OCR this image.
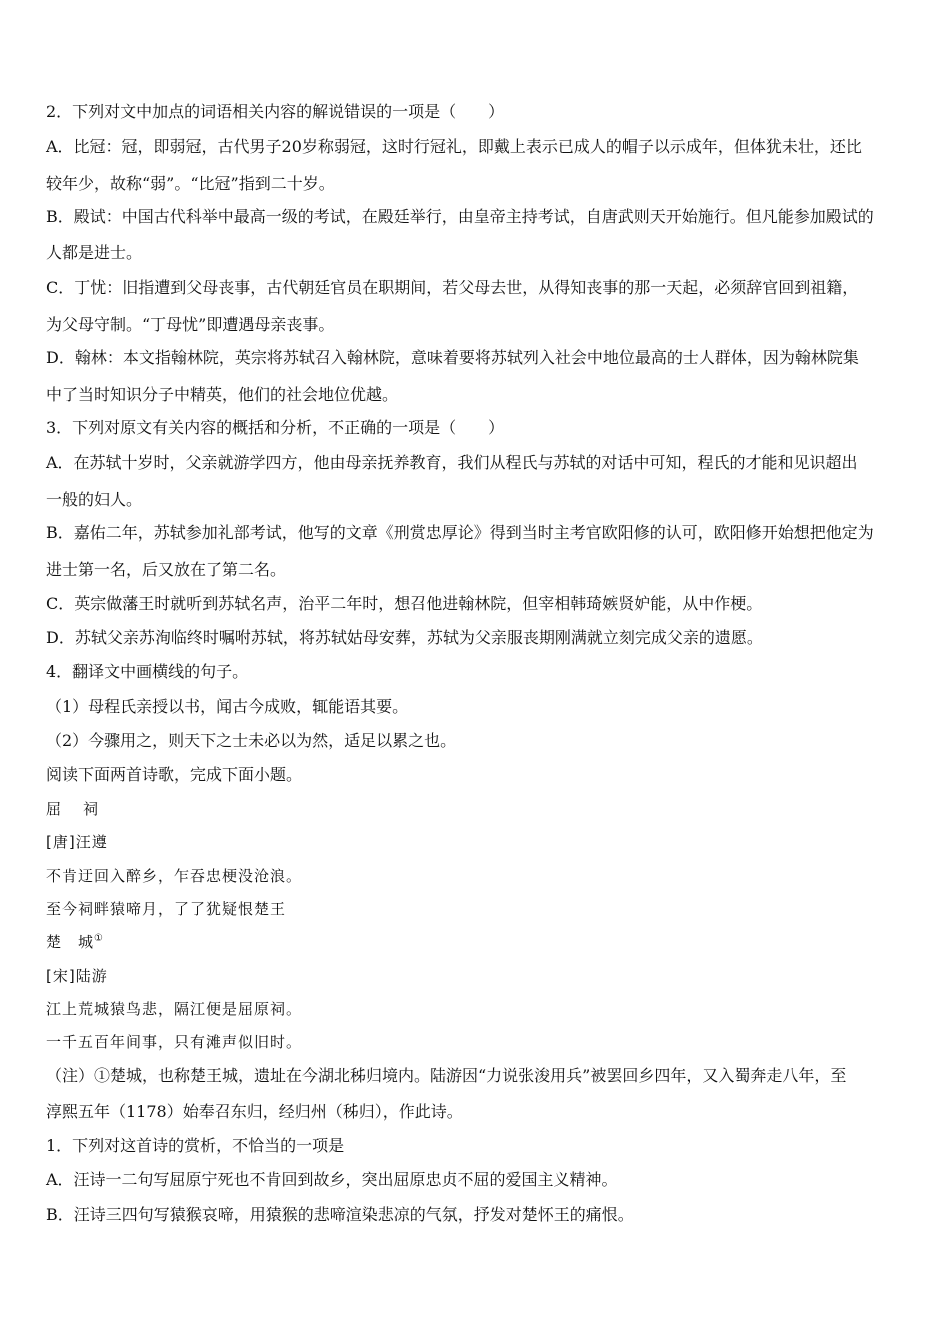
2．下列对文中加点的词语相关内容的解说错误的一项是（　　）
A．比冠：冠，即弱冠，古代男子20岁称弱冠，这时行冠礼，即戴上表示已成人的帽子以示成年，但体犹未壮，还比
较年少，故称“弱”。“比冠”指到二十岁。
B．殿试：中国古代科举中最高一级的考试，在殿廷举行，由皇帝主持考试，自唐武则天开始施行。但凡能参加殿试的
人都是进士。
C．丁忧：旧指遭到父母丧事，古代朝廷官员在职期间，若父母去世，从得知丧事的那一天起，必须辞官回到祖籍，
为父母守制。“丁母忧”即遭遇母亲丧事。
D．翰林：本文指翰林院，英宗将苏轼召入翰林院，意味着要将苏轼列入社会中地位最高的士人群体，因为翰林院集
中了当时知识分子中精英，他们的社会地位优越。
3．下列对原文有关内容的概括和分析，不正确的一项是（　　）
A．在苏轼十岁时，父亲就游学四方，他由母亲抚养教育，我们从程氏与苏轼的对话中可知，程氏的才能和见识超出
一般的妇人。
B．嘉佑二年，苏轼参加礼部考试，他写的文章《刑赏忠厚论》得到当时主考官欧阳修的认可，欧阳修开始想把他定为
进士第一名，后又放在了第二名。
C．英宗做藩王时就听到苏轼名声，治平二年时，想召他进翰林院，但宰相韩琦嫉贤妒能，从中作梗。
D．苏轼父亲苏洵临终时嘱咐苏轼，将苏轼姑母安葬，苏轼为父亲服丧期刚满就立刻完成父亲的遗愿。
4．翻译文中画横线的句子。
（1）母程氏亲授以书，闻古今成败，辄能语其要。
（2）今骤用之，则天下之士未必以为然，适足以累之也。
阅读下面两首诗歌，完成下面小题。
屈祠
[唐]汪遵
不肯迂回入醉乡，乍吞忠梗没沧浪。
至今祠畔猿啼月，了了犹疑恨楚王
楚　城①
[宋]陆游
江上荒城猿鸟悲，隔江便是屈原祠。
一千五百年间事，只有滩声似旧时。
（注）①楚城，也称楚王城，遗址在今湖北秭归境内。陆游因“力说张浚用兵”被罢回乡四年，又入蜀奔走八年，至
淳熙五年（1178）始奉召东归，经归州（秭归），作此诗。
1．下列对这首诗的赏析，不恰当的一项是
A．汪诗一二句写屈原宁死也不肯回到故乡，突出屈原忠贞不屈的爱国主义精神。
B．汪诗三四句写猿猴哀啼，用猿猴的悲啼渲染悲凉的气氛，抒发对楚怀王的痛恨。
